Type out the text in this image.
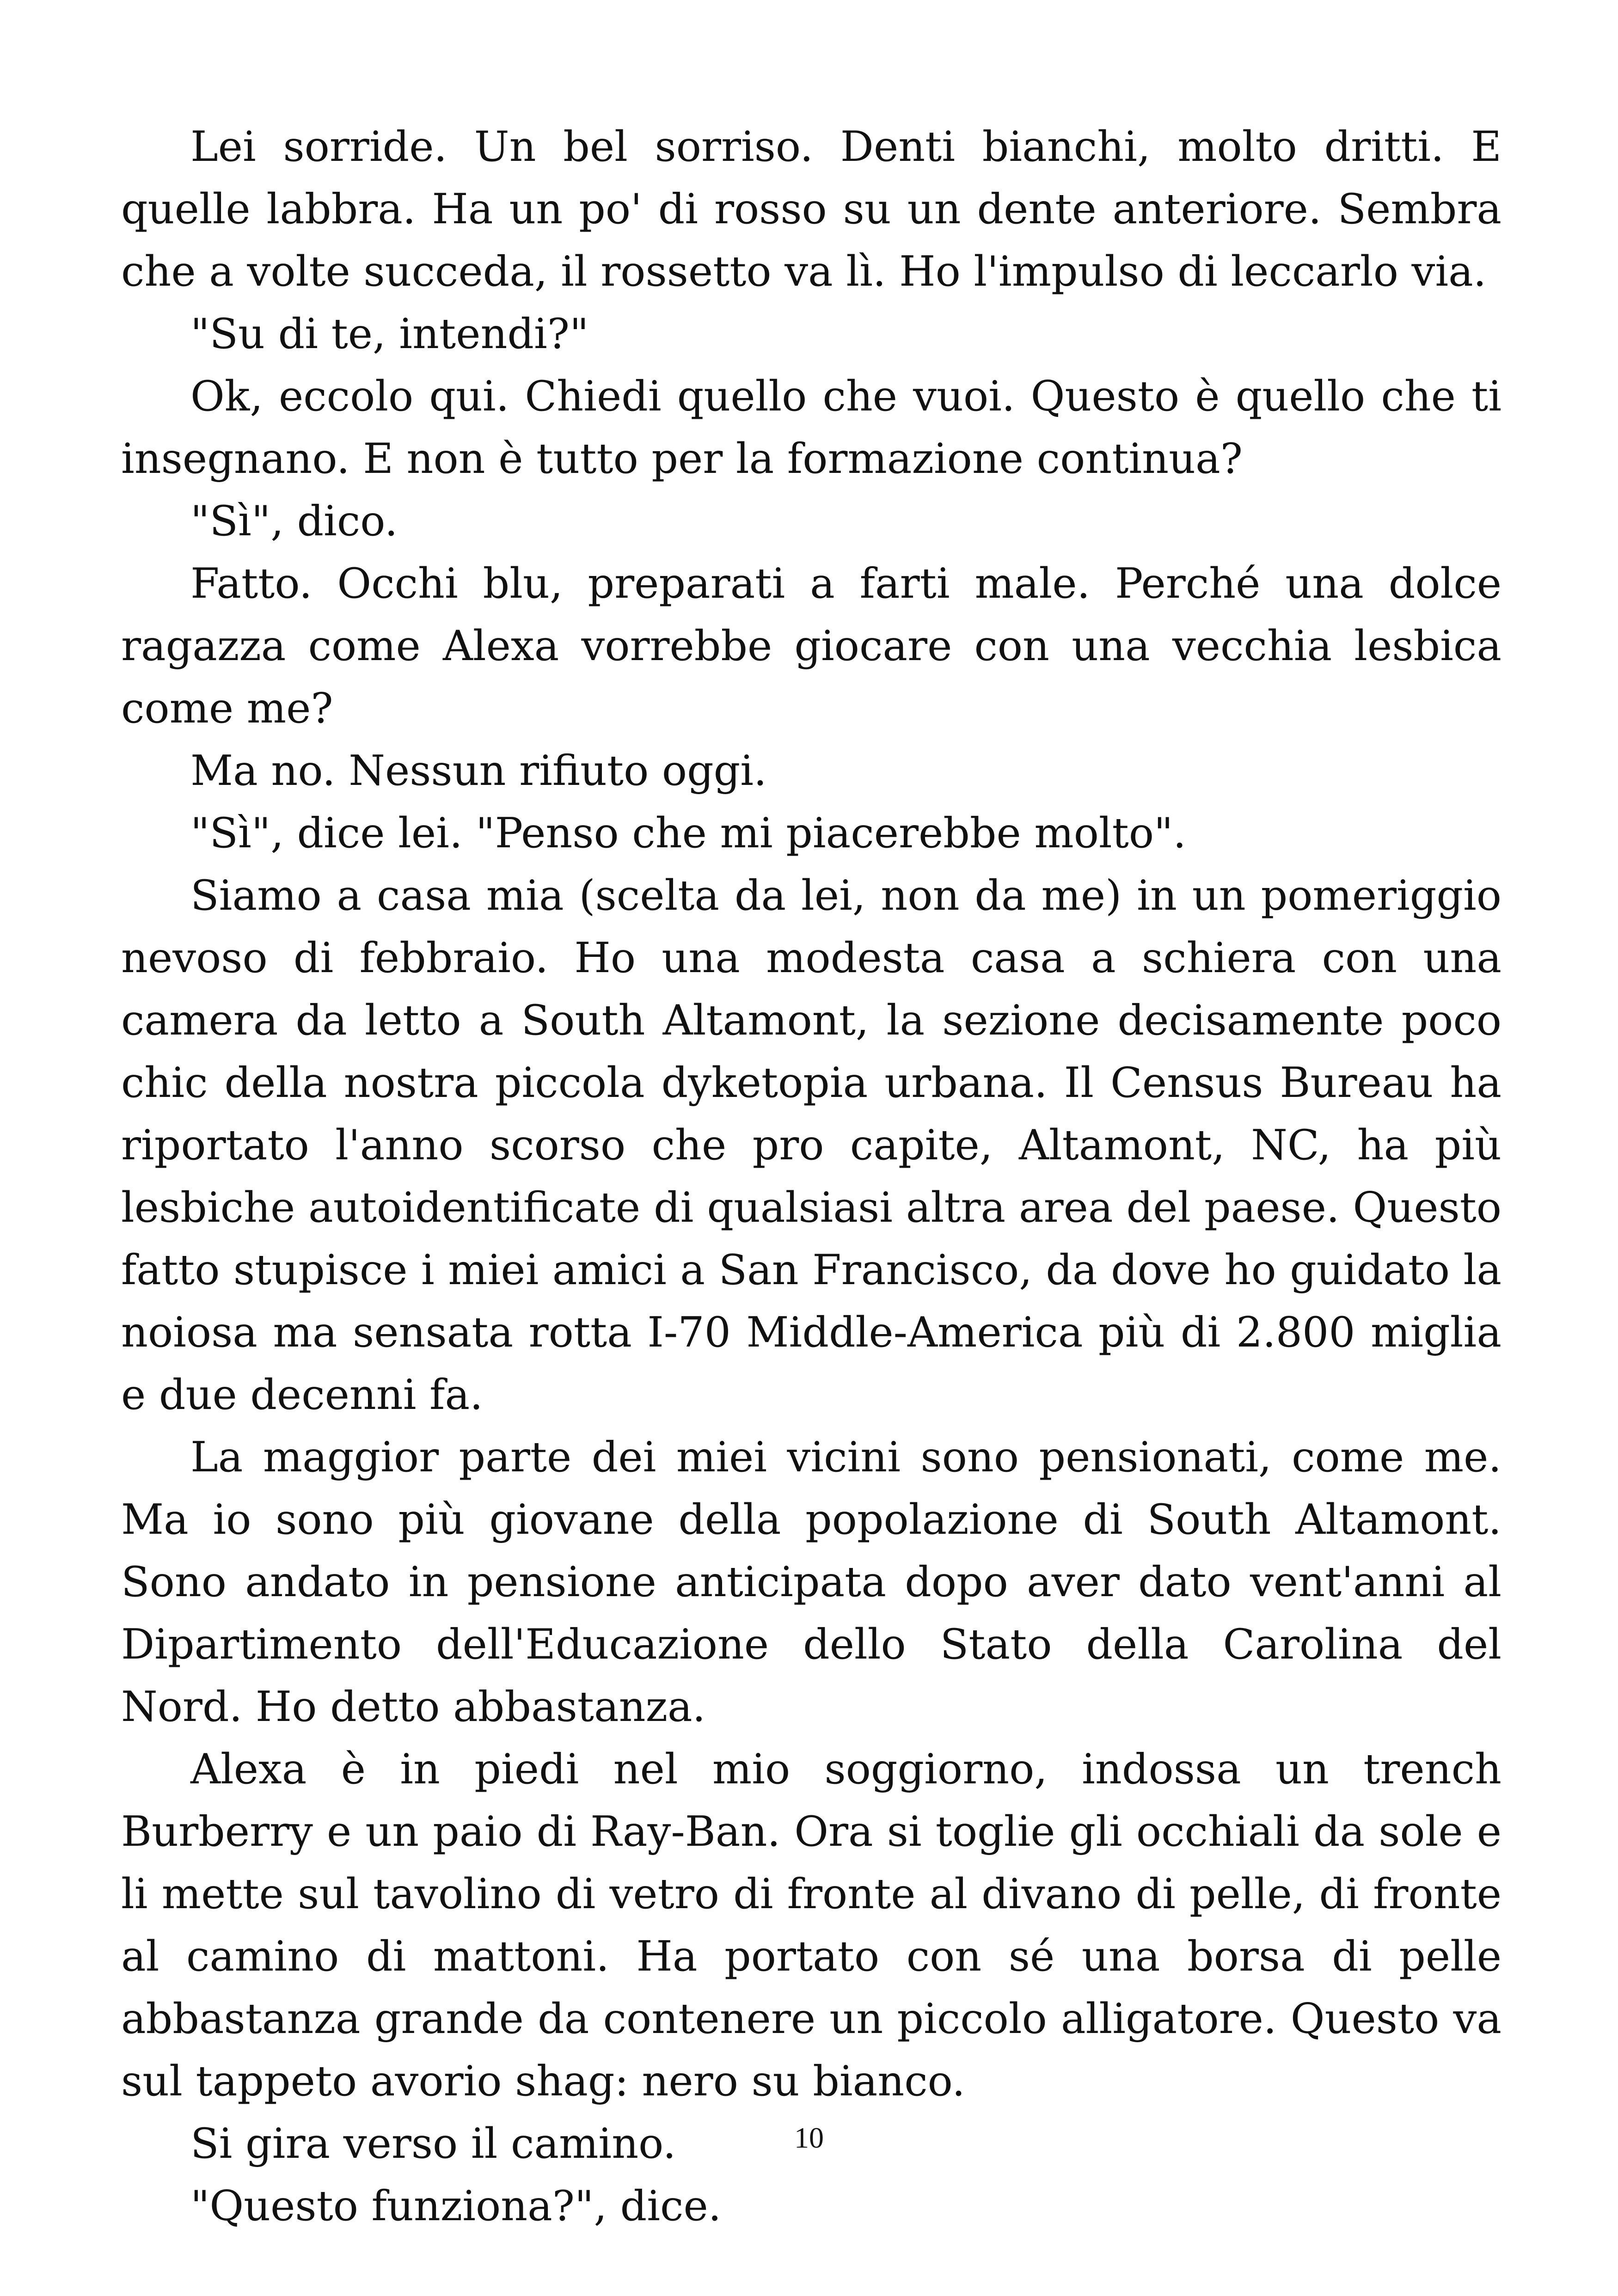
Lei sorride. Un bel sorriso. Denti bianchi, molto dritti. E quelle labbra. Ha un po' di rosso su un dente anteriore. Sembra che a volte succeda, il rossetto va lì. Ho l'impulso di leccarlo via.

"Su di te, intendi?"

Ok, eccolo qui. Chiedi quello che vuoi. Questo è quello che ti insegnano. E non è tutto per la formazione continua?

"Sì", dico.

Fatto. Occhi blu, preparati a farti male. Perché una dolce ragazza come Alexa vorrebbe giocare con una vecchia lesbica come me?

Ma no. Nessun rifiuto oggi.

"Sì", dice lei. "Penso che mi piacerebbe molto".

Siamo a casa mia (scelta da lei, non da me) in un pomeriggio nevoso di febbraio. Ho una modesta casa a schiera con una camera da letto a South Altamont, la sezione decisamente poco chic della nostra piccola dyketopia urbana. Il Census Bureau ha riportato l'anno scorso che pro capite, Altamont, NC, ha più lesbiche autoidentificate di qualsiasi altra area del paese. Questo fatto stupisce i miei amici a San Francisco, da dove ho guidato la noiosa ma sensata rotta I-70 Middle-America più di 2.800 miglia e due decenni fa.

La maggior parte dei miei vicini sono pensionati, come me. Ma io sono più giovane della popolazione di South Altamont. Sono andato in pensione anticipata dopo aver dato vent'anni al Dipartimento dell'Educazione dello Stato della Carolina del Nord. Ho detto abbastanza.

Alexa è in piedi nel mio soggiorno, indossa un trench Burberry e un paio di Ray-Ban. Ora si toglie gli occhiali da sole e li mette sul tavolino di vetro di fronte al divano di pelle, di fronte al camino di mattoni. Ha portato con sé una borsa di pelle abbastanza grande da contenere un piccolo alligatore. Questo va sul tappeto avorio shag: nero su bianco.

Si gira verso il camino.

"Questo funziona?", dice.

10
